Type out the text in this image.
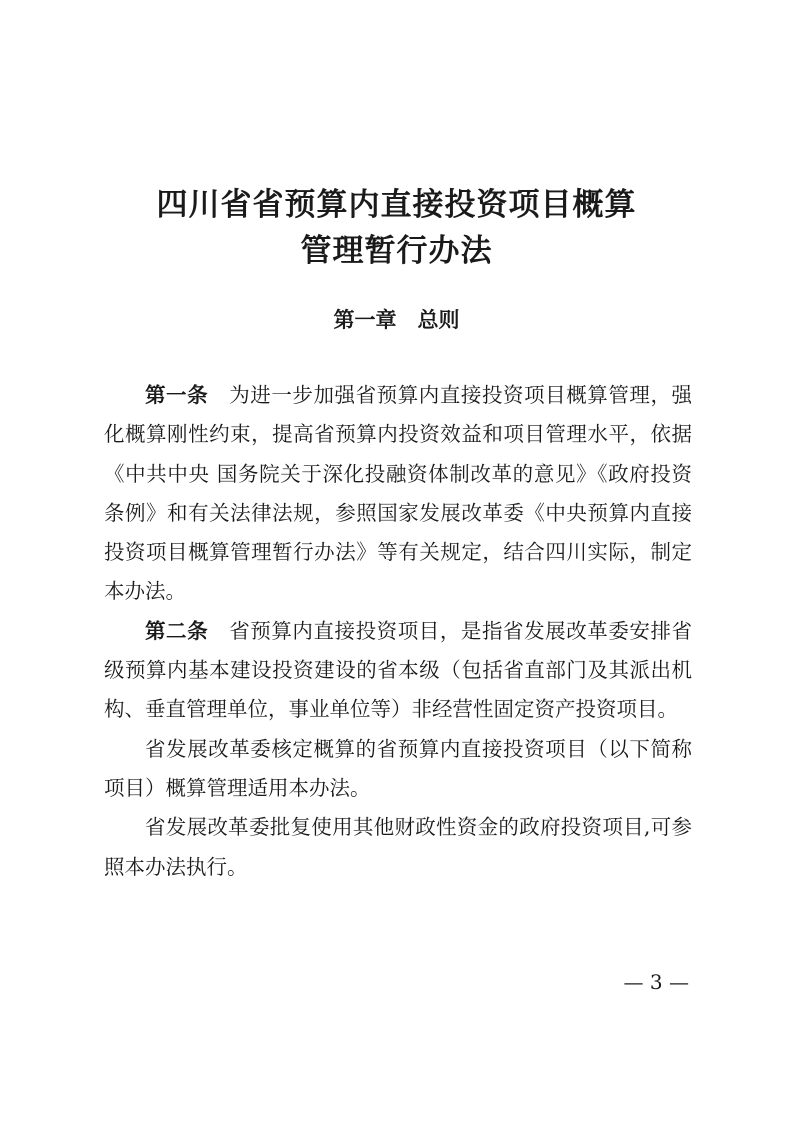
四川省省预算内直接投资项目概算
管理暂行办法
第一章　总则

第一条 为进一步加强省预算内直接投资项目概算管理，强化概算刚性约束，提高省预算内投资效益和项目管理水平，依据《中共中央 国务院关于深化投融资体制改革的意见》《政府投资条例》和有关法律法规，参照国家发展改革委《中央预算内直接投资项目概算管理暂行办法》等有关规定，结合四川实际，制定本办法。

第二条 省预算内直接投资项目，是指省发展改革委安排省级预算内基本建设投资建设的省本级（包括省直部门及其派出机构、垂直管理单位，事业单位等）非经营性固定资产投资项目。

省发展改革委核定概算的省预算内直接投资项目（以下简称项目）概算管理适用本办法。

省发展改革委批复使用其他财政性资金的政府投资项目,可参照本办法执行。

— 3 —
